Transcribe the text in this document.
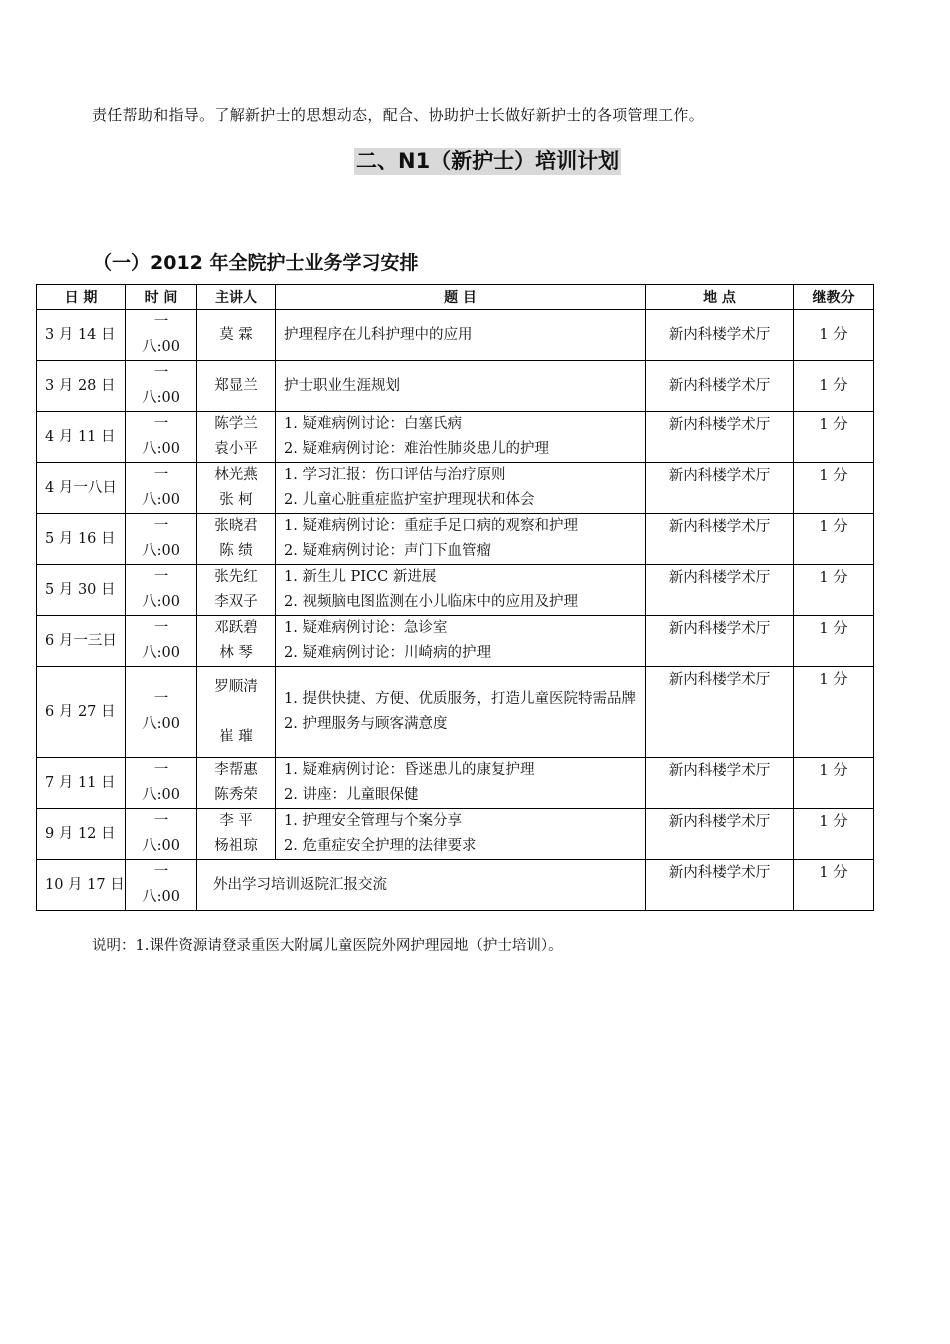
责任帮助和指导。了解新护士的思想动态，配合、协助护士长做好新护士的各项管理工作。
二、N1（新护士）培训计划
（一）2012 年全院护士业务学习安排
日 期	时 间	主讲人	题 目	地 点	继教分

3 月 14 日	一
八:00	莫 霖	护理程序在儿科护理中的应用	新内科楼学术厅	1 分

3 月 28 日	一
八:00	郑显兰	护士职业生涯规划	新内科楼学术厅	1 分

4 月 11 日	一
八:00	陈学兰
袁小平	1. 疑难病例讨论：白塞氏病
2. 疑难病例讨论：难治性肺炎患儿的护理	新内科楼学术厅	1 分

4 月一八日	一
八:00	林光燕
张 柯	1. 学习汇报：伤口评估与治疗原则
2. 儿童心脏重症监护室护理现状和体会	新内科楼学术厅	1 分

5 月 16 日	一
八:00	张晓君
陈 绩	1. 疑难病例讨论：重症手足口病的观察和护理
2. 疑难病例讨论：声门下血管瘤	新内科楼学术厅	1 分

5 月 30 日	一
八:00	张先红
李双子	1. 新生儿 PICC 新进展
2. 视频脑电图监测在小儿临床中的应用及护理	新内科楼学术厅	1 分

6 月一三日	一
八:00	邓跃碧
林 琴	1. 疑难病例讨论：急诊室
2. 疑难病例讨论：川崎病的护理	新内科楼学术厅	1 分

6 月 27 日	一
八:00	罗顺清

崔 璀	1. 提供快捷、方便、优质服务，打造儿童医院特需品牌
2. 护理服务与顾客满意度	新内科楼学术厅	1 分

7 月 11 日	一
八:00	李帮惠
陈秀荣	1. 疑难病例讨论：昏迷患儿的康复护理
2. 讲座：儿童眼保健	新内科楼学术厅	1 分

9 月 12 日	一
八:00	李 平
杨祖琼	1. 护理安全管理与个案分享
2. 危重症安全护理的法律要求	新内科楼学术厅	1 分

10 月 17 日	一
八:00	外出学习培训返院汇报交流		新内科楼学术厅	1 分
说明：1.课件资源请登录重医大附属儿童医院外网护理园地（护士培训）。
